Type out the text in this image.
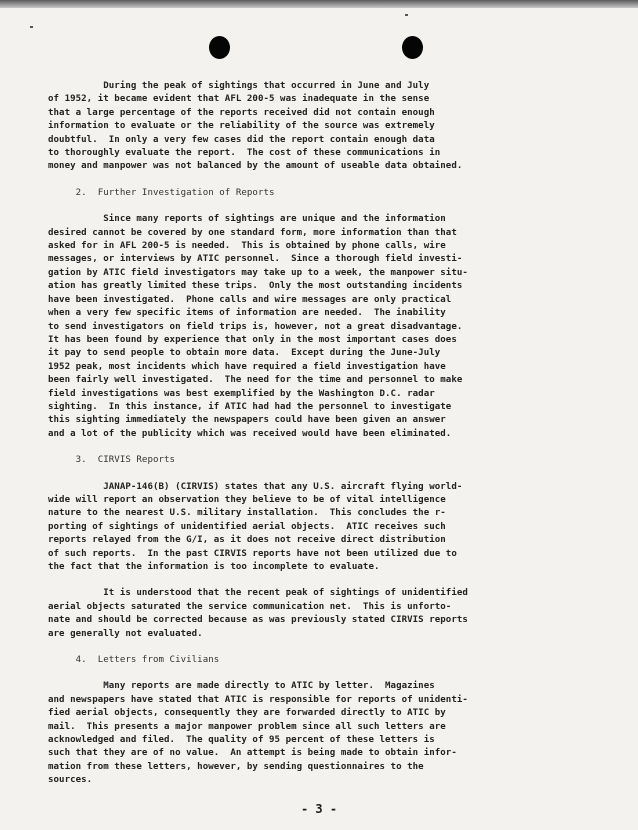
During the peak of sightings that occurred in June and July
of 1952, it became evident that AFL 200-5 was inadequate in the sense
that a large percentage of the reports received did not contain enough
information to evaluate or the reliability of the source was extremely
doubtful.  In only a very few cases did the report contain enough data
to thoroughly evaluate the report.  The cost of these communications in
money and manpower was not balanced by the amount of useable data obtained.
2.  Further Investigation of Reports
Since many reports of sightings are unique and the information
desired cannot be covered by one standard form, more information than that
asked for in AFL 200-5 is needed.  This is obtained by phone calls, wire
messages, or interviews by ATIC personnel.  Since a thorough field investi-
gation by ATIC field investigators may take up to a week, the manpower situ-
ation has greatly limited these trips.  Only the most outstanding incidents
have been investigated.  Phone calls and wire messages are only practical
when a very few specific items of information are needed.  The inability
to send investigators on field trips is, however, not a great disadvantage.
It has been found by experience that only in the most important cases does
it pay to send people to obtain more data.  Except during the June-July
1952 peak, most incidents which have required a field investigation have
been fairly well investigated.  The need for the time and personnel to make
field investigations was best exemplified by the Washington D.C. radar
sighting.  In this instance, if ATIC had had the personnel to investigate
this sighting immediately the newspapers could have been given an answer
and a lot of the publicity which was received would have been eliminated.
3.  CIRVIS Reports
JANAP-146(B) (CIRVIS) states that any U.S. aircraft flying world-
wide will report an observation they believe to be of vital intelligence
nature to the nearest U.S. military installation.  This concludes the r-
porting of sightings of unidentified aerial objects.  ATIC receives such
reports relayed from the G/I, as it does not receive direct distribution
of such reports.  In the past CIRVIS reports have not been utilized due to
the fact that the information is too incomplete to evaluate.
It is understood that the recent peak of sightings of unidentified
aerial objects saturated the service communication net.  This is unforto-
nate and should be corrected because as was previously stated CIRVIS reports
are generally not evaluated.
4.  Letters from Civilians
Many reports are made directly to ATIC by letter.  Magazines
and newspapers have stated that ATIC is responsible for reports of unidenti-
fied aerial objects, consequently they are forwarded directly to ATIC by
mail.  This presents a major manpower problem since all such letters are
acknowledged and filed.  The quality of 95 percent of these letters is
such that they are of no value.  An attempt is being made to obtain infor-
mation from these letters, however, by sending questionnaires to the
sources.
- 3 -
